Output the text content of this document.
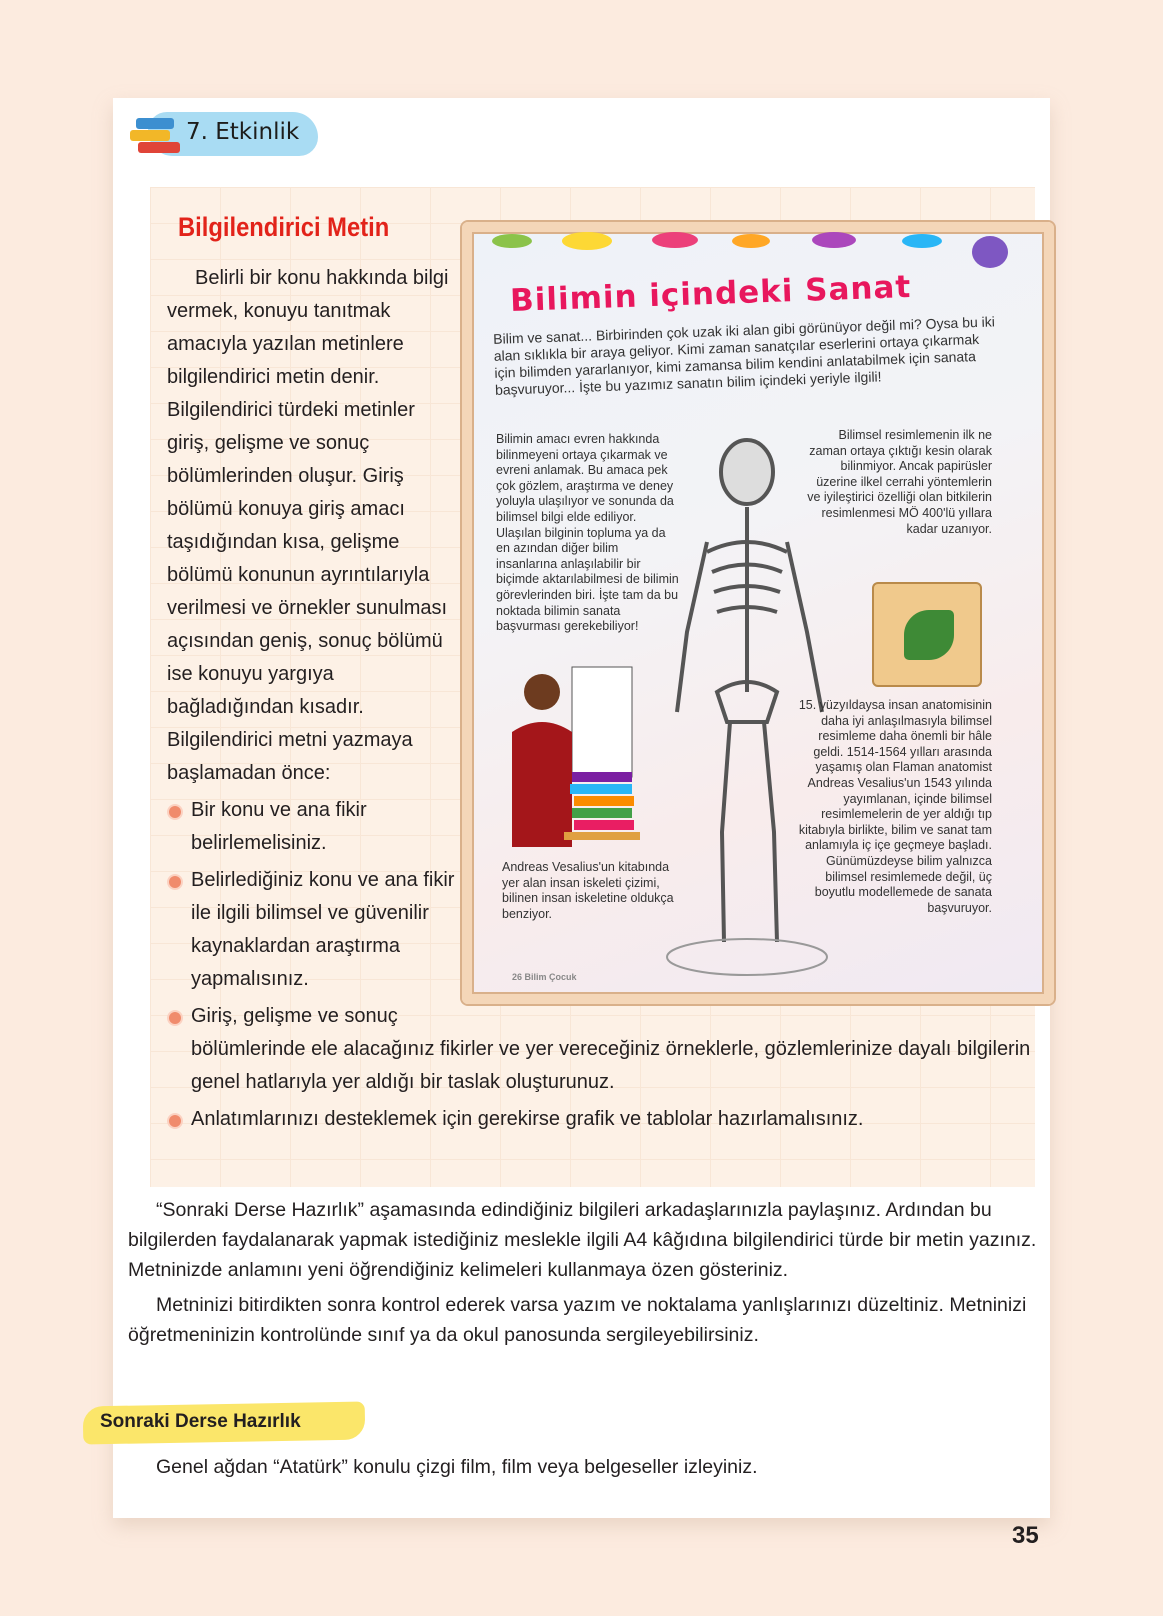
7. Etkinlik
Bilgilendirici Metin

Belirli bir konu hakkında bilgi vermek, konuyu tanıtmak amacıyla yazılan metinlere bilgilendirici metin denir. Bilgilendirici türdeki metinler giriş, gelişme ve sonuç bölümlerinden oluşur. Giriş bölümü konuya giriş amacı taşıdığından kısa, gelişme bölümü konunun ayrıntılarıyla verilmesi ve örnekler sunulması açısından geniş, sonuç bölümü ise konuyu yargıya bağladığından kısadır. Bilgilendirici metni yazmaya başlamadan önce:

Bir konu ve ana fikir belirlemelisiniz.
Belirlediğiniz konu ve ana fikir ile ilgili bilimsel ve güvenilir kaynaklardan araştırma yapmalısınız.
Giriş, gelişme ve sonuç bölümlerinde ele alacağınız fikirler ve yer vereceğiniz örneklerle, gözlemlerinize dayalı bilgilerin genel hatlarıyla yer aldığı bir taslak oluşturunuz.
Anlatımlarınızı desteklemek için gerekirse grafik ve tablolar hazırlamalısınız.
Bilimin içindeki Sanat
Bilim ve sanat... Birbirinden çok uzak iki alan gibi görünüyor değil mi? Oysa bu iki alan sıklıkla bir araya geliyor. Kimi zaman sanatçılar eserlerini ortaya çıkarmak için bilimden yararlanıyor, kimi zamansa bilim kendini anlatabilmek için sanata başvuruyor... İşte bu yazımız sanatın bilim içindeki yeriyle ilgili!
Bilimin amacı evren hakkında bilinmeyeni ortaya çıkarmak ve evreni anlamak. Bu amaca pek çok gözlem, araştırma ve deney yoluyla ulaşılıyor ve sonunda da bilimsel bilgi elde ediliyor. Ulaşılan bilginin topluma ya da en azından diğer bilim insanlarına anlaşılabilir bir biçimde aktarılabilmesi de bilimin görevlerinden biri. İşte tam da bu noktada bilimin sanata başvurması gerekebiliyor!
Bilimsel resimlemenin ilk ne zaman ortaya çıktığı kesin olarak bilinmiyor. Ancak papirüsler üzerine ilkel cerrahi yöntemlerin ve iyileştirici özelliği olan bitkilerin resimlenmesi MÖ 400'lü yıllara kadar uzanıyor.
15. yüzyıldaysa insan anatomisinin daha iyi anlaşılmasıyla bilimsel resimleme daha önemli bir hâle geldi. 1514-1564 yılları arasında yaşamış olan Flaman anatomist Andreas Vesalius'un 1543 yılında yayımlanan, içinde bilimsel resimlemelerin de yer aldığı tıp kitabıyla birlikte, bilim ve sanat tam anlamıyla iç içe geçmeye başladı. Günümüzdeyse bilim yalnızca bilimsel resimlemede değil, üç boyutlu modellemede de sanata başvuruyor.
Andreas Vesalius'un kitabında yer alan insan iskeleti çizimi, bilinen insan iskeletine oldukça benziyor.
26 Bilim Çocuk

“Sonraki Derse Hazırlık” aşamasında edindiğiniz bilgileri arkadaşlarınızla paylaşınız. Ardından bu bilgilerden faydalanarak yapmak istediğiniz meslekle ilgili A4 kâğıdına bilgilendirici türde bir metin yazınız. Metninizde anlamını yeni öğrendiğiniz kelimeleri kullanmaya özen gösteriniz.

Metninizi bitirdikten sonra kontrol ederek varsa yazım ve noktalama yanlışlarınızı düzeltiniz. Metninizi öğretmeninizin kontrolünde sınıf ya da okul panosunda sergileyebilirsiniz.

Sonraki Derse Hazırlık
Genel ağdan “Atatürk” konulu çizgi film, film veya belgeseller izleyiniz.
35
